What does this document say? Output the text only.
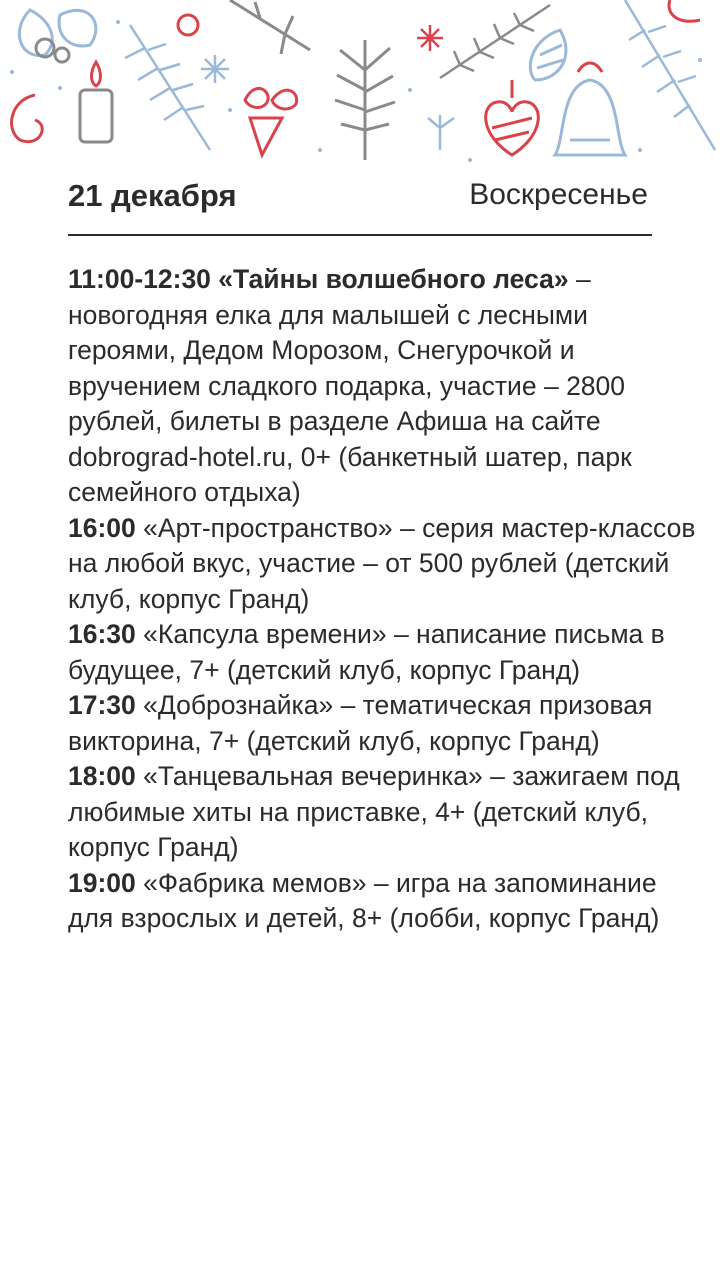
21 декабря	Воскресенье

11:00-12:30 «Тайны волшебного леса» – новогодняя елка для малышей с лесными героями, Дедом Морозом, Снегурочкой и вручением сладкого подарка, участие – 2800 рублей, билеты в разделе Афиша на сайте dobrograd-hotel.ru, 0+ (банкетный шатер, парк семейного отдыха)

16:00 «Арт-пространство» – серия мастер-классов на любой вкус, участие – от 500 рублей (детский клуб, корпус Гранд)

16:30 «Капсула времени» – написание письма в будущее, 7+ (детский клуб, корпус Гранд)

17:30 «Добрознайка» – тематическая призовая викторина, 7+ (детский клуб, корпус Гранд)

18:00 «Танцевальная вечеринка» – зажигаем под любимые хиты на приставке, 4+ (детский клуб, корпус Гранд)

19:00 «Фабрика мемов» – игра на запоминание для взрослых и детей, 8+ (лобби, корпус Гранд)
